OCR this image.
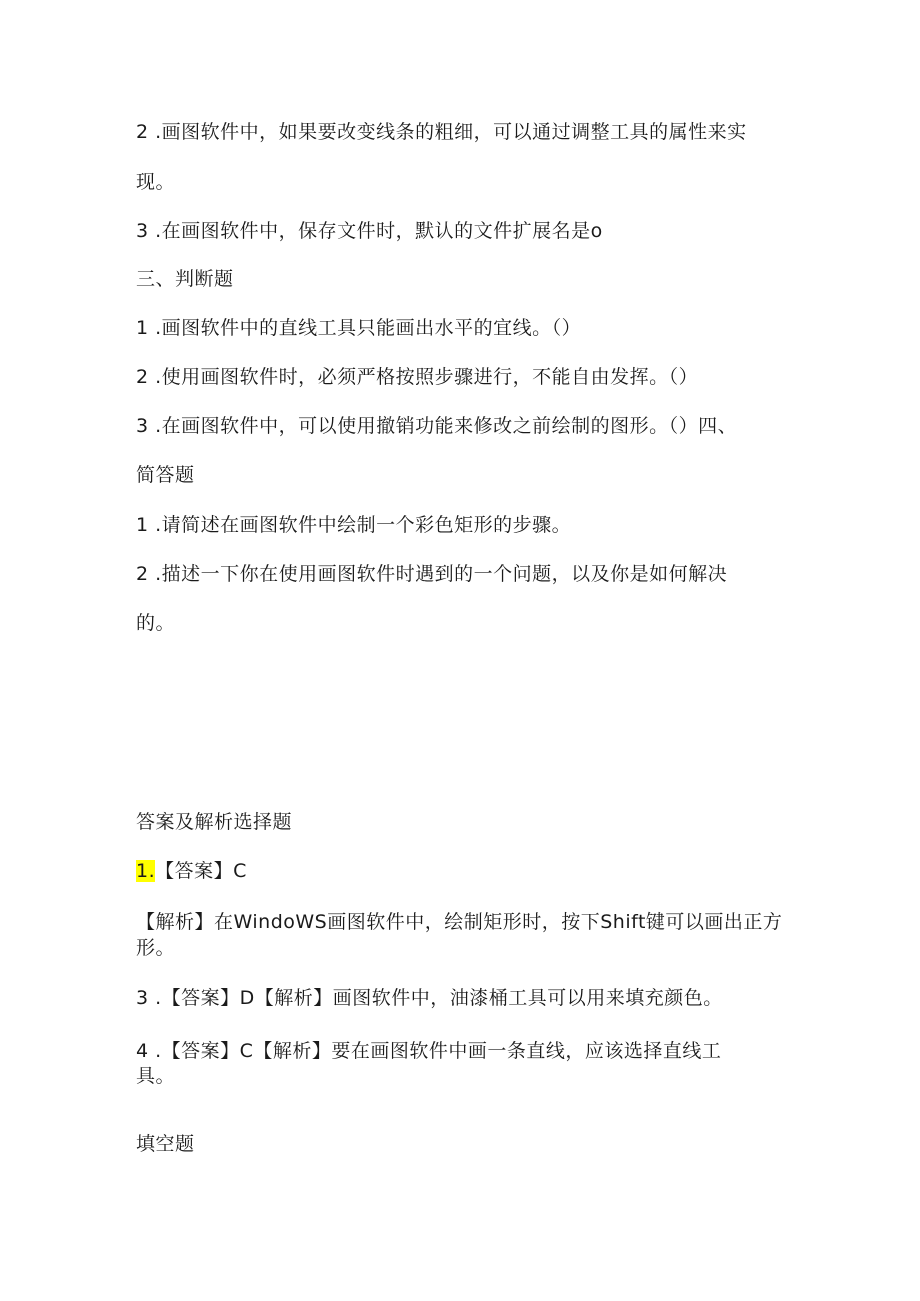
2 .画图软件中，如果要改变线条的粗细，可以通过调整工具的属性来实
现。
3 .在画图软件中，保存文件时，默认的文件扩展名是o
三、判断题
1 .画图软件中的直线工具只能画出水平的宜线。（）
2 .使用画图软件时，必须严格按照步骤进行，不能自由发挥。（）
3 .在画图软件中，可以使用撤销功能来修改之前绘制的图形。（）四、
简答题
1 .请简述在画图软件中绘制一个彩色矩形的步骤。
2 .描述一下你在使用画图软件时遇到的一个问题，以及你是如何解决
的。
答案及解析选择题
1.【答案】C
【解析】在WindoWS画图软件中，绘制矩形时，按下Shift键可以画出正方
形。
3 .【答案】D【解析】画图软件中，油漆桶工具可以用来填充颜色。
4 .【答案】C【解析】要在画图软件中画一条直线，应该选择直线工
具。
填空题
